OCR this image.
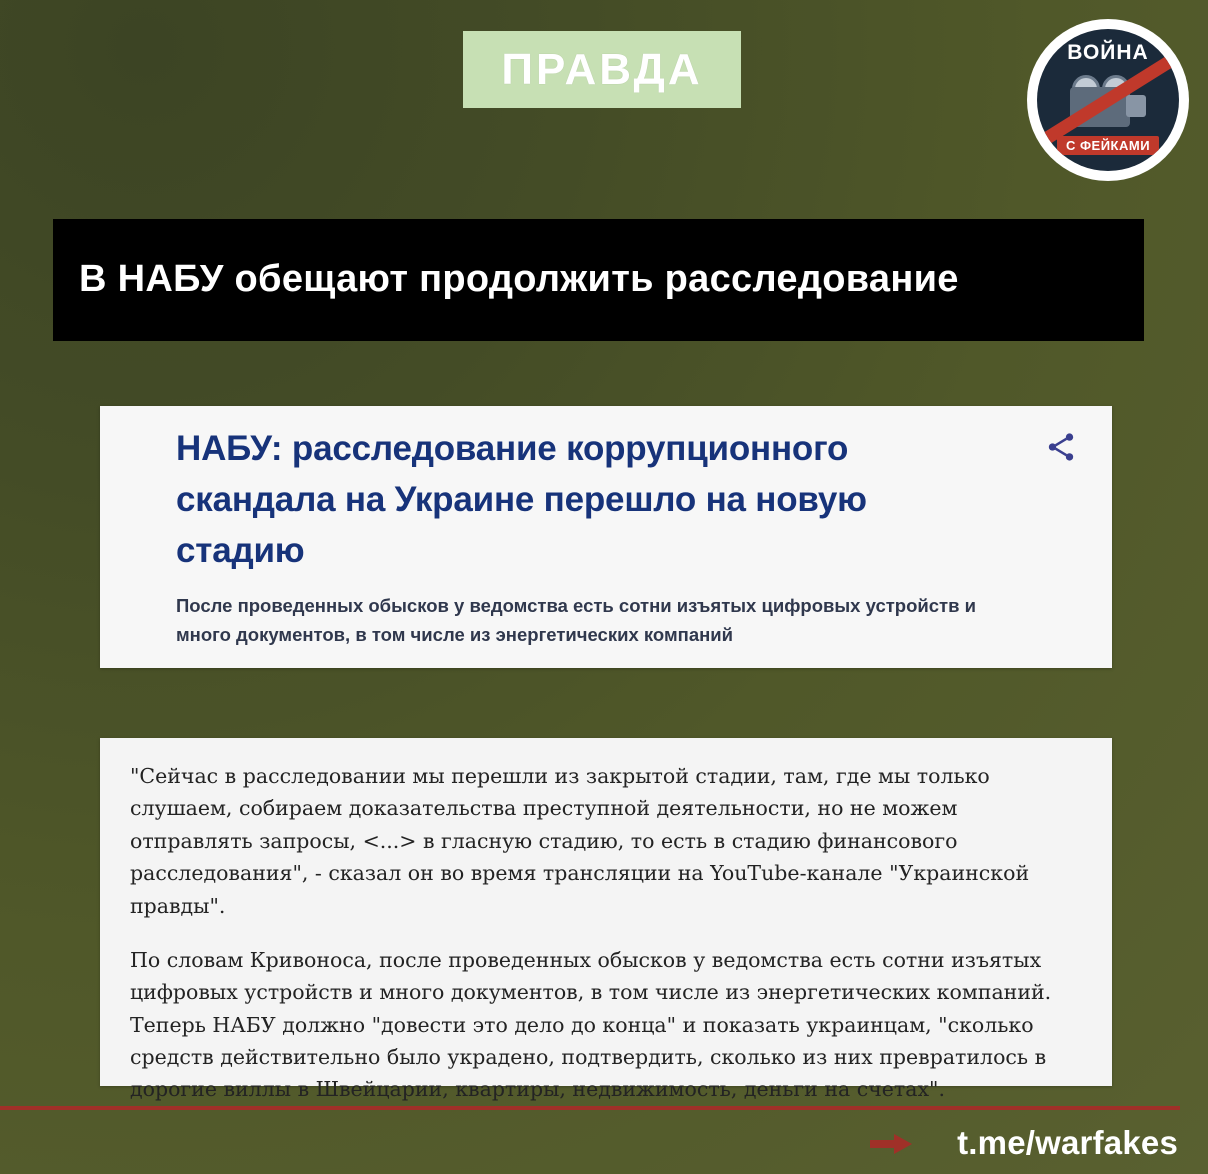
ПРАВДА	ВОЙНА
С ФЕЙКАМИ
В НАБУ обещают продолжить расследование
НАБУ: расследование коррупционного скандала на Украине перешло на новую стадию

После проведенных обысков у ведомства есть сотни изъятых цифровых устройств и много документов, в том числе из энергетических компаний

"Сейчас в расследовании мы перешли из закрытой стадии, там, где мы только слушаем, собираем доказательства преступной деятельности, но не можем отправлять запросы, <...> в гласную стадию, то есть в стадию финансового расследования", - сказал он во время трансляции на YouTube-канале "Украинской правды".

По словам Кривоноса, после проведенных обысков у ведомства есть сотни изъятых цифровых устройств и много документов, в том числе из энергетических компаний. Теперь НАБУ должно "довести это дело до конца" и показать украинцам, "сколько средств действительно было украдено, подтвердить, сколько из них превратилось в дорогие виллы в Швейцарии, квартиры, недвижимость, деньги на счетах".

t.me/warfakes
